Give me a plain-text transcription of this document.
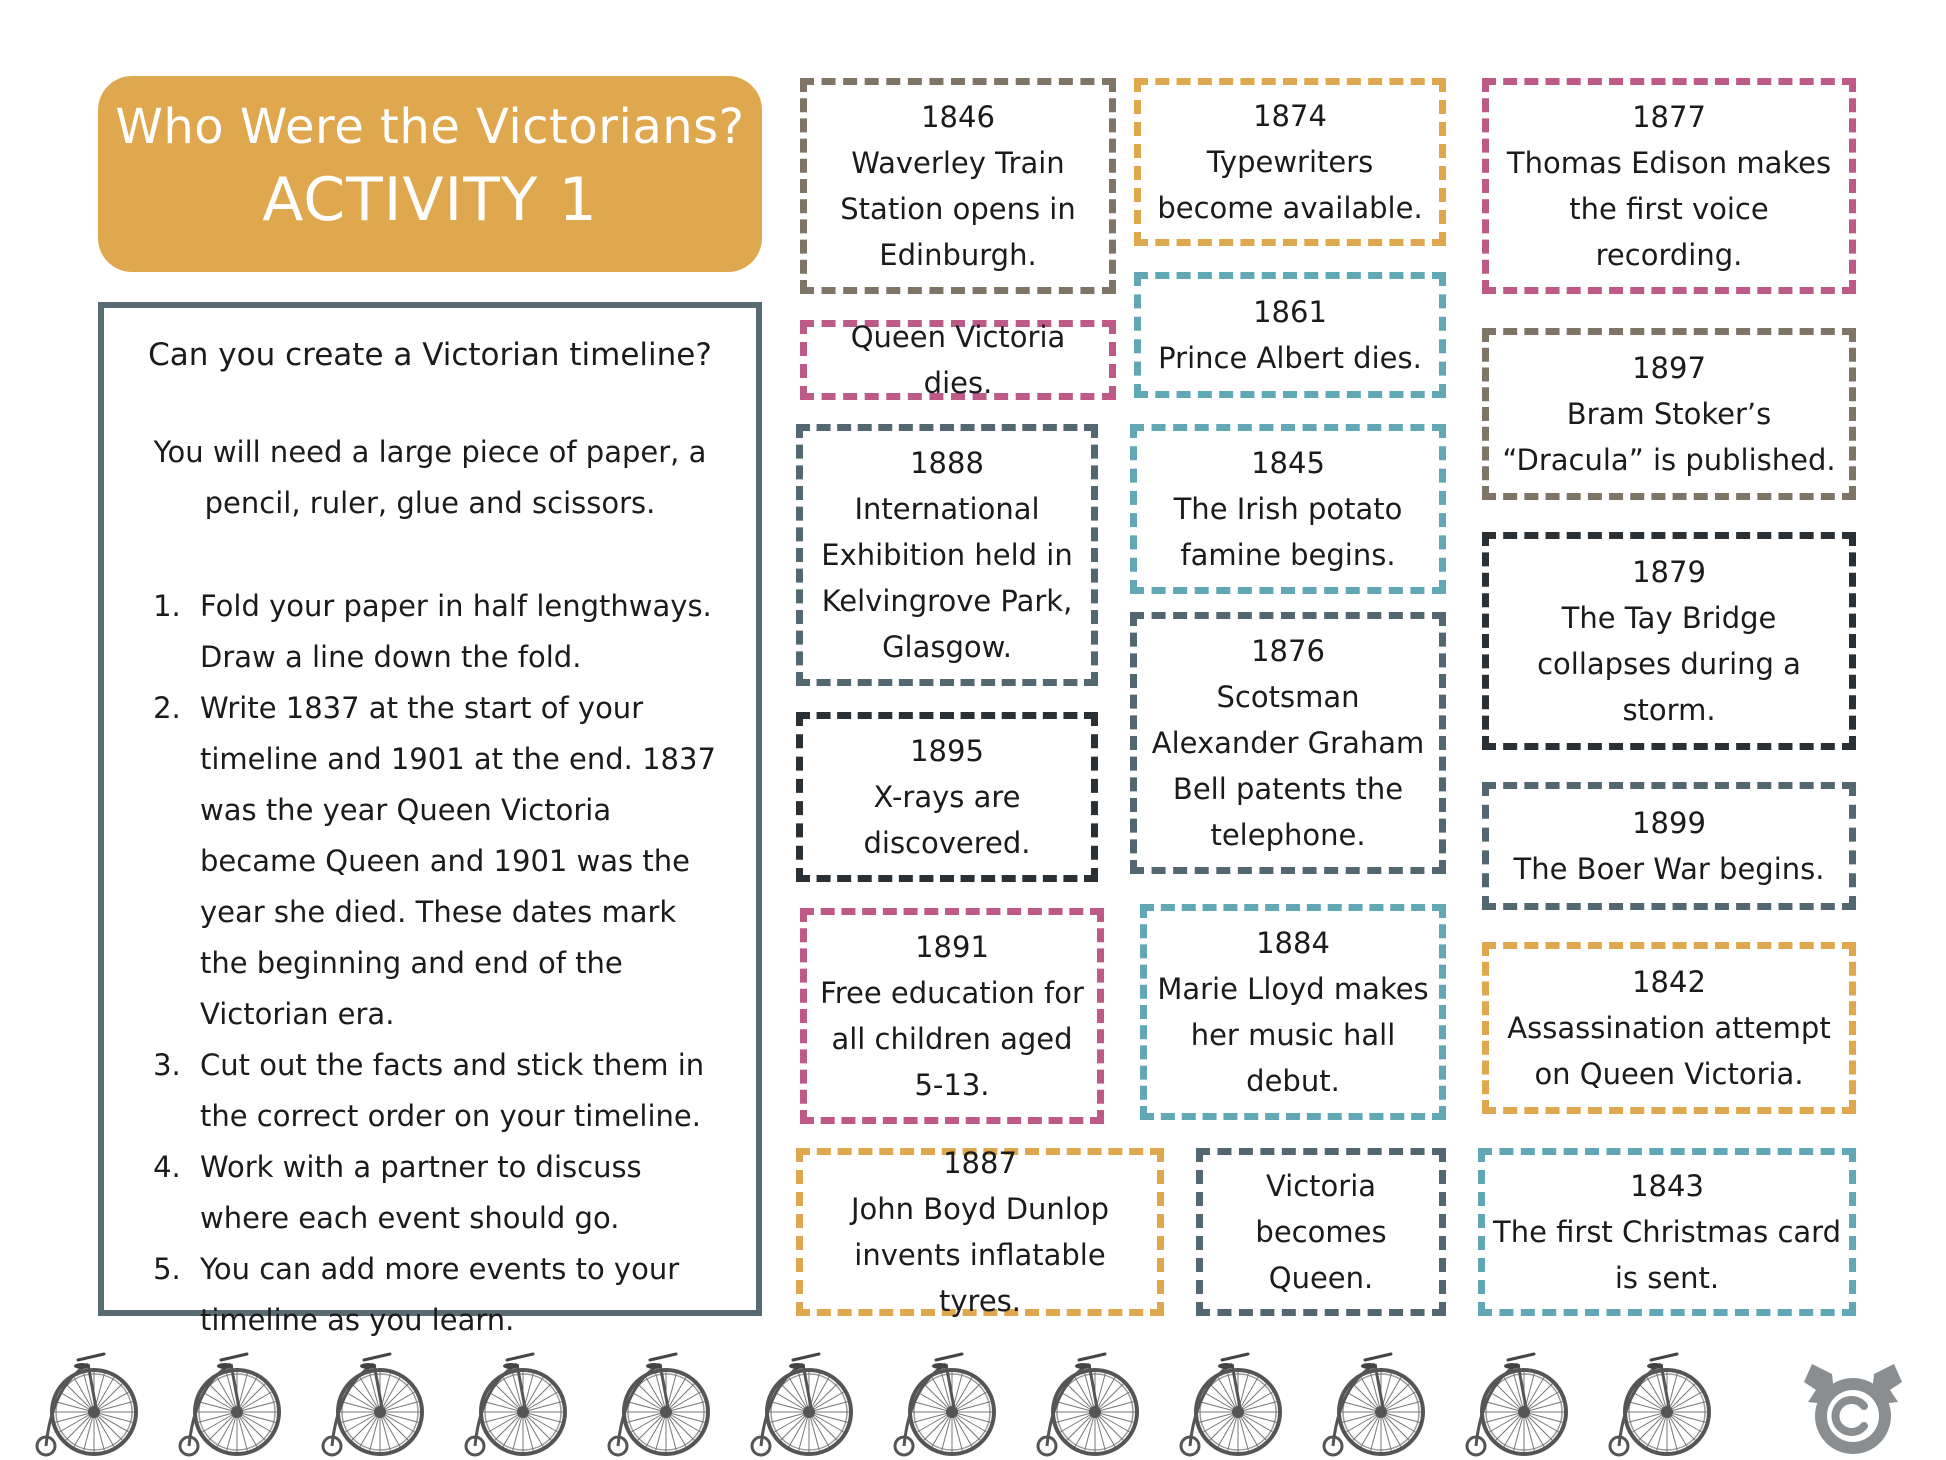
Who Were the Victorians?
ACTIVITY 1
Can you create a Victorian timeline?
You will need a large piece of paper, a pencil, ruler, glue and scissors.
1. Fold your paper in half lengthways. Draw a line down the fold.
2. Write 1837 at the start of your timeline and 1901 at the end. 1837 was the year Queen Victoria became Queen and 1901 was the year she died. These dates mark the beginning and end of the Victorian era.
3. Cut out the facts and stick them in the correct order on your timeline.
4. Work with a partner to discuss where each event should go.
5. You can add more events to your timeline as you learn.
1846
Waverley Train Station opens in Edinburgh.
Queen Victoria dies.
1888
International Exhibition held in Kelvingrove Park, Glasgow.
1895
X-rays are discovered.
1891
Free education for all children aged 5-13.
1887
John Boyd Dunlop invents inflatable tyres.
1874
Typewriters become available.
1861
Prince Albert dies.
1845
The Irish potato famine begins.
1876
Scotsman Alexander Graham Bell patents the telephone.
1884
Marie Lloyd makes her music hall debut.
Victoria becomes Queen.
1877
Thomas Edison makes the first voice recording.
1897
Bram Stoker’s “Dracula” is published.
1879
The Tay Bridge collapses during a storm.
1899
The Boer War begins.
1842
Assassination attempt on Queen Victoria.
1843
The first Christmas card is sent.
